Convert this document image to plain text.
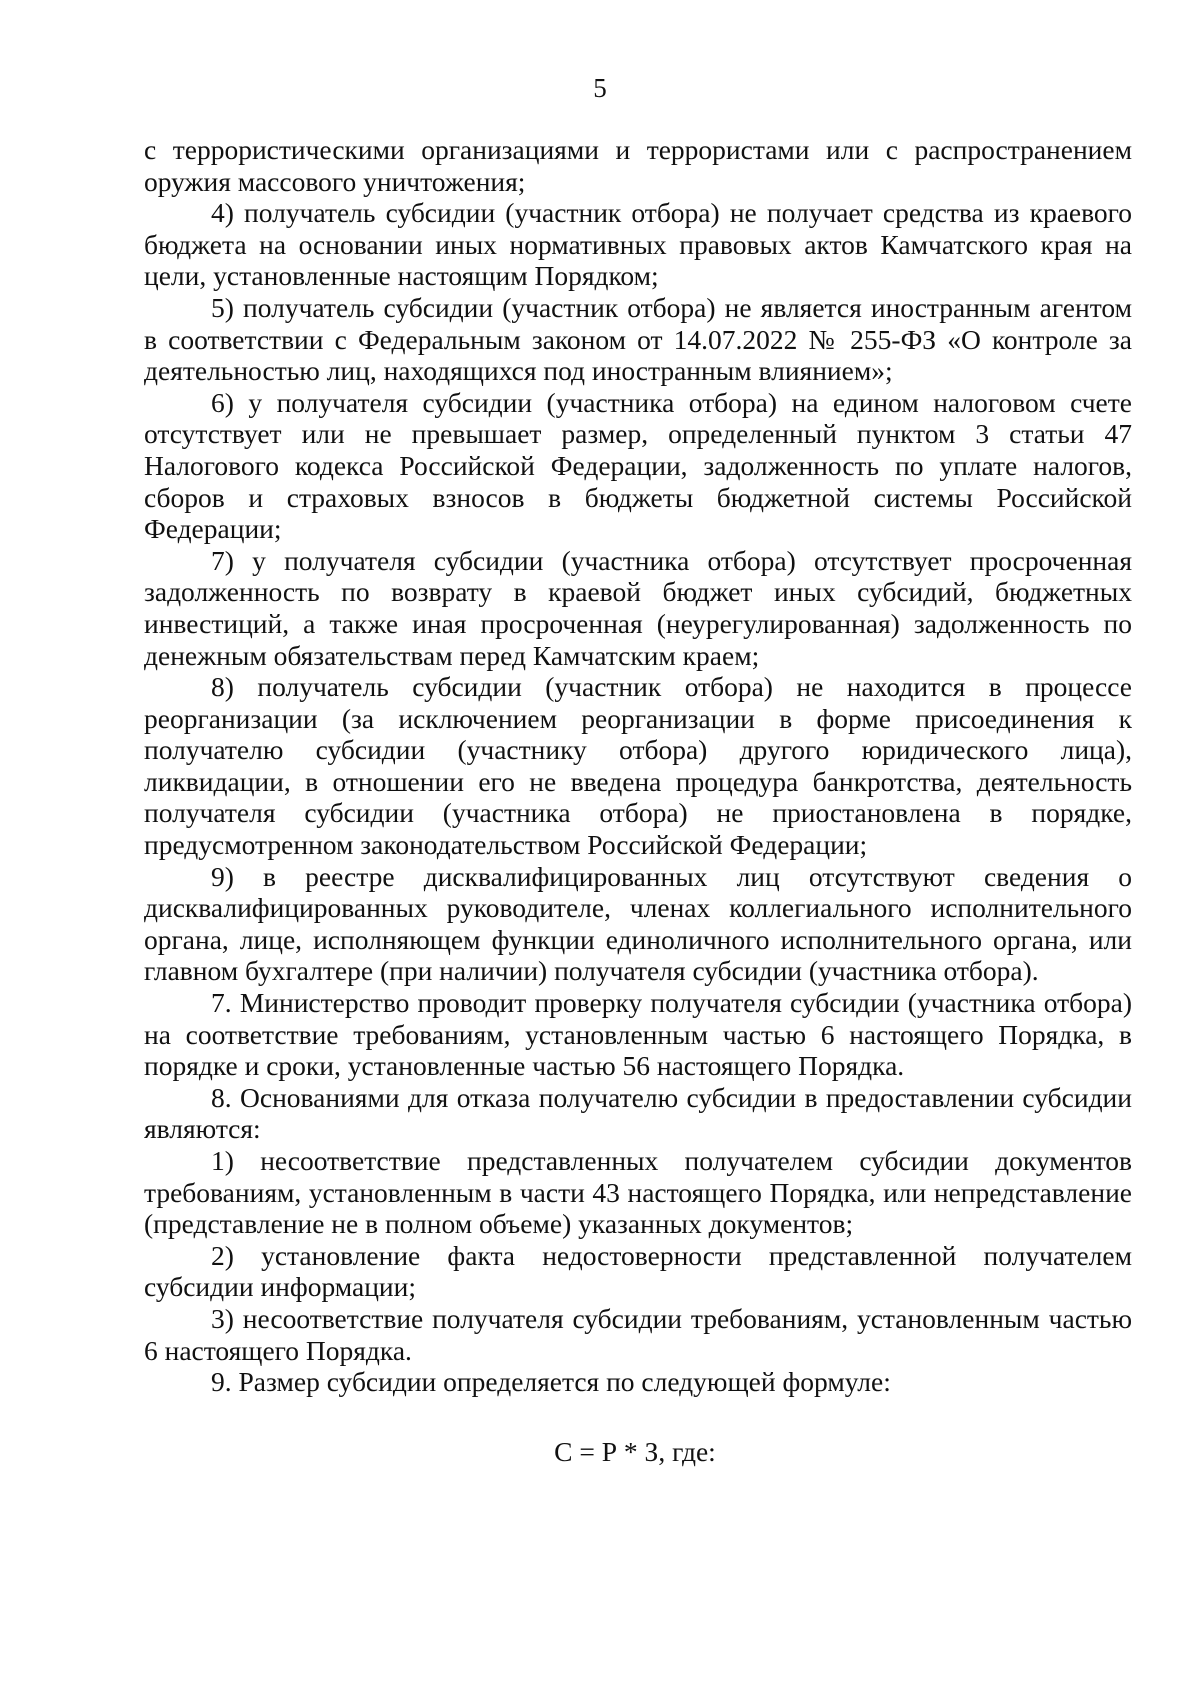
5

с террористическими организациями и террористами или с распространением оружия массового уничтожения;

4) получатель субсидии (участник отбора) не получает средства из краевого бюджета на основании иных нормативных правовых актов Камчатского края на цели, установленные настоящим Порядком;

5) получатель субсидии (участник отбора) не является иностранным агентом в соответствии с Федеральным законом от 14.07.2022 № 255-ФЗ «О контроле за деятельностью лиц, находящихся под иностранным влиянием»;

6) у получателя субсидии (участника отбора) на едином налоговом счете отсутствует или не превышает размер, определенный пунктом 3 статьи 47 Налогового кодекса Российской Федерации, задолженность по уплате налогов, сборов и страховых взносов в бюджеты бюджетной системы Российской Федерации;

7) у получателя субсидии (участника отбора) отсутствует просроченная задолженность по возврату в краевой бюджет иных субсидий, бюджетных инвестиций, а также иная просроченная (неурегулированная) задолженность по денежным обязательствам перед Камчатским краем;

8) получатель субсидии (участник отбора) не находится в процессе реорганизации (за исключением реорганизации в форме присоединения к получателю субсидии (участнику отбора) другого юридического лица), ликвидации, в отношении его не введена процедура банкротства, деятельность получателя субсидии (участника отбора) не приостановлена в порядке, предусмотренном законодательством Российской Федерации;

9) в реестре дисквалифицированных лиц отсутствуют сведения о дисквалифицированных руководителе, членах коллегиального исполнительного органа, лице, исполняющем функции единоличного исполнительного органа, или главном бухгалтере (при наличии) получателя субсидии (участника отбора).

7. Министерство проводит проверку получателя субсидии (участника отбора) на соответствие требованиям, установленным частью 6 настоящего Порядка, в порядке и сроки, установленные частью 56 настоящего Порядка.

8. Основаниями для отказа получателю субсидии в предоставлении субсидии являются:

1) несоответствие представленных получателем субсидии документов требованиям, установленным в части 43 настоящего Порядка, или непредставление (представление не в полном объеме) указанных документов;

2) установление факта недостоверности представленной получателем субсидии информации;

3) несоответствие получателя субсидии требованиям, установленным частью 6 настоящего Порядка.

9. Размер субсидии определяется по следующей формуле:

С = Р * З, где:
